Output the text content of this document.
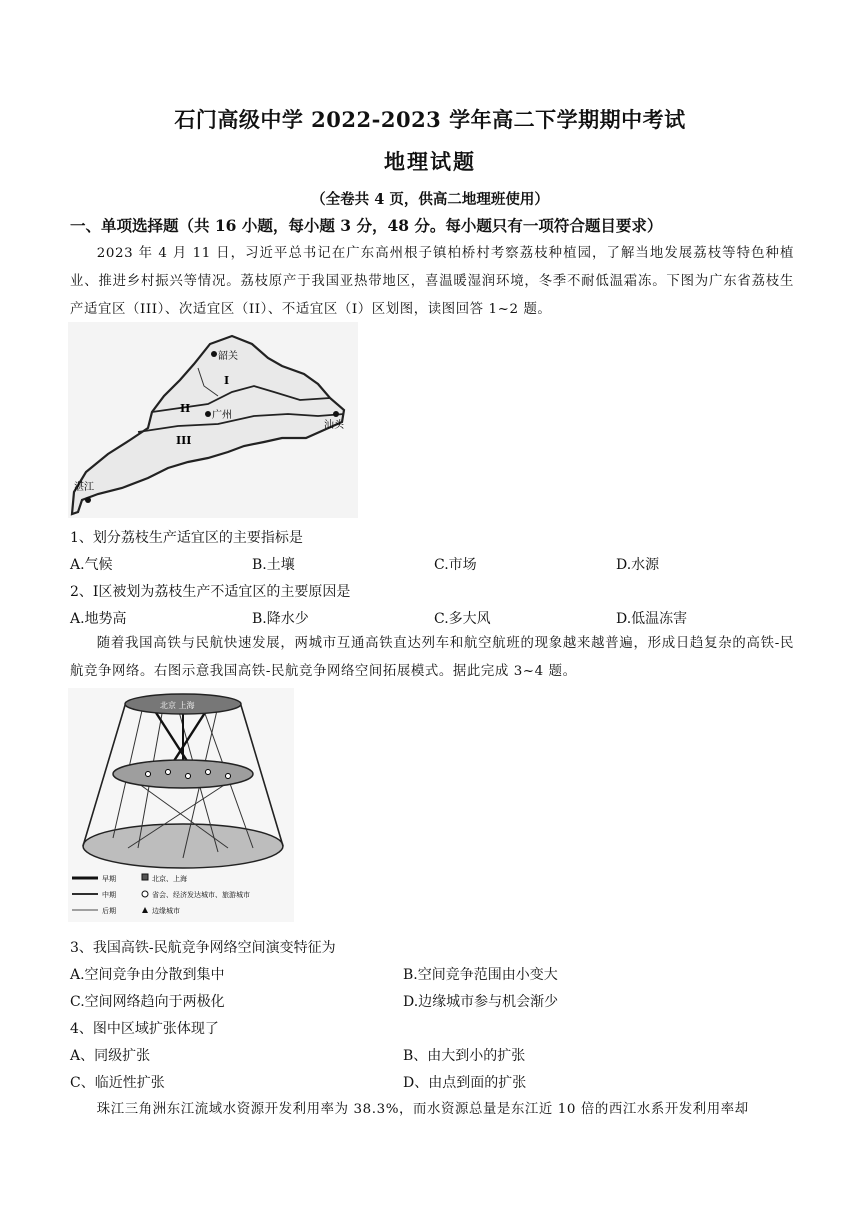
石门高级中学 2022-2023 学年高二下学期期中考试
地理试题
（全卷共 4 页，供高二地理班使用）
一、单项选择题（共 16 小题，每小题 3 分，48 分。每小题只有一项符合题目要求）
2023 年 4 月 11 日，习近平总书记在广东高州根子镇柏桥村考察荔枝种植园，了解当地发展荔枝等特色种植业、推进乡村振兴等情况。荔枝原产于我国亚热带地区，喜温暖湿润环境，冬季不耐低温霜冻。下图为广东省荔枝生产适宜区（III）、次适宜区（II）、不适宜区（I）区划图，读图回答 1~2 题。
韶关
广州
汕头
湛江
I
II
III
1、划分荔枝生产适宜区的主要指标是
A.气候	B.土壤	C.市场	D.水源
2、I区被划为荔枝生产不适宜区的主要原因是
A.地势高	B.降水少	C.多大风	D.低温冻害
随着我国高铁与民航快速发展，两城市互通高铁直达列车和航空航班的现象越来越普遍，形成日趋复杂的高铁-民航竞争网络。右图示意我国高铁-民航竞争网络空间拓展模式。据此完成 3~4 题。
北京 上海
早期	北京、上海
中期	省会、经济发达城市、旅游城市
后期	边缘城市
3、我国高铁-民航竞争网络空间演变特征为
A.空间竞争由分散到集中	B.空间竞争范围由小变大
C.空间网络趋向于两极化	D.边缘城市参与机会渐少
4、图中区域扩张体现了
A、同级扩张	B、由大到小的扩张
C、临近性扩张	D、由点到面的扩张
珠江三角洲东江流域水资源开发利用率为 38.3%，而水资源总量是东江近 10 倍的西江水系开发利用率却
